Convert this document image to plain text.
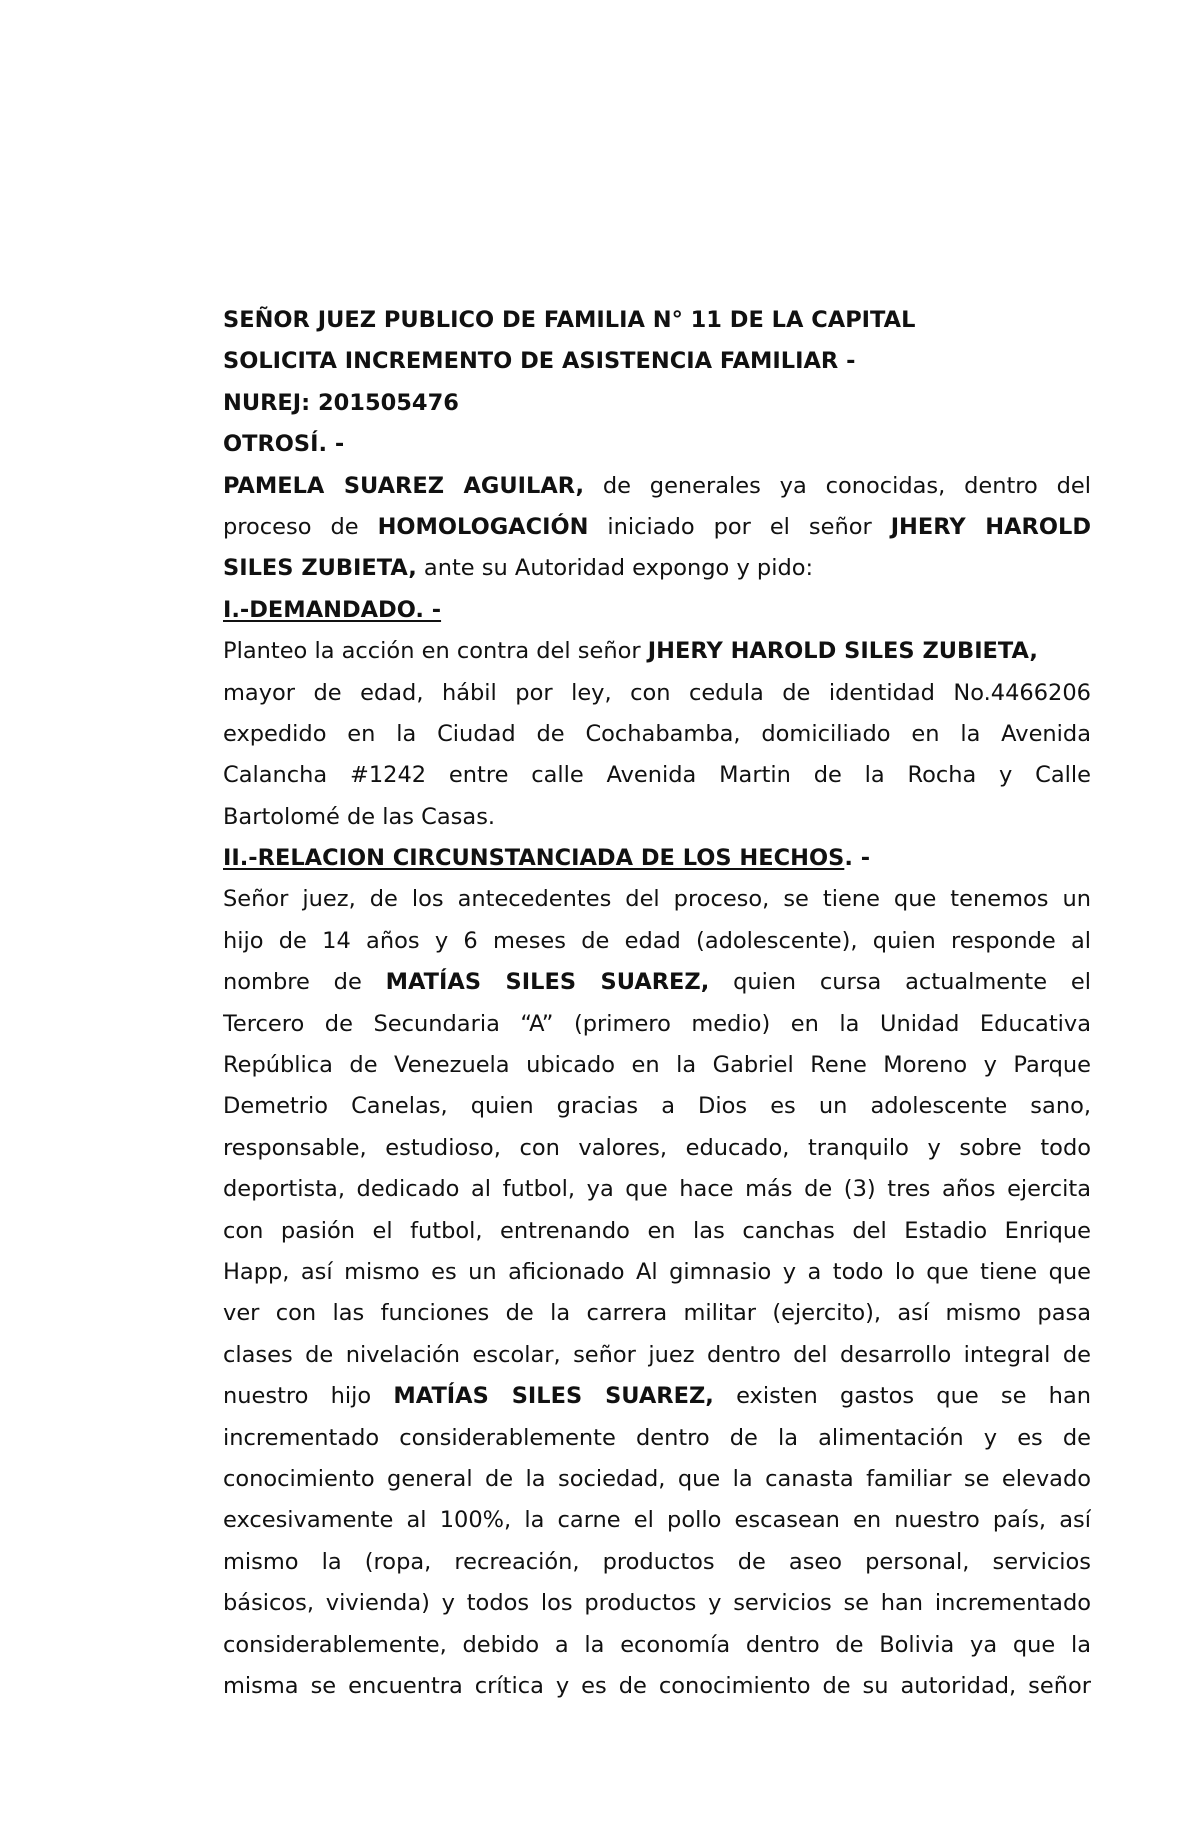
SEÑOR JUEZ PUBLICO DE FAMILIA N° 11 DE LA CAPITAL
SOLICITA INCREMENTO DE ASISTENCIA FAMILIAR -
NUREJ: 201505476
OTROSÍ. -
PAMELA SUAREZ AGUILAR, de generales ya conocidas, dentro del
proceso de HOMOLOGACIÓN iniciado por el señor JHERY HAROLD
SILES ZUBIETA, ante su Autoridad expongo y pido:
I.-DEMANDADO. -
Planteo la acción en contra del señor JHERY HAROLD SILES ZUBIETA,
mayor de edad, hábil por ley, con cedula de identidad No.4466206
expedido en la Ciudad de Cochabamba, domiciliado en la Avenida
Calancha #1242 entre calle Avenida Martin de la Rocha y Calle
Bartolomé de las Casas.
II.-RELACION CIRCUNSTANCIADA DE LOS HECHOS. -
Señor juez, de los antecedentes del proceso, se tiene que tenemos un
hijo de 14 años y 6 meses de edad (adolescente), quien responde al
nombre de MATÍAS SILES SUAREZ, quien cursa actualmente el
Tercero de Secundaria “A” (primero medio) en la Unidad Educativa
República de Venezuela ubicado en la Gabriel Rene Moreno y Parque
Demetrio Canelas, quien gracias a Dios es un adolescente sano,
responsable, estudioso, con valores, educado, tranquilo y sobre todo
deportista, dedicado al futbol, ya que hace más de (3) tres años ejercita
con pasión el futbol, entrenando en las canchas del Estadio Enrique
Happ, así mismo es un aficionado Al gimnasio y a todo lo que tiene que
ver con las funciones de la carrera militar (ejercito), así mismo pasa
clases de nivelación escolar, señor juez dentro del desarrollo integral de
nuestro hijo MATÍAS SILES SUAREZ, existen gastos que se han
incrementado considerablemente dentro de la alimentación y es de
conocimiento general de la sociedad, que la canasta familiar se elevado
excesivamente al 100%, la carne el pollo escasean en nuestro país, así
mismo la (ropa, recreación, productos de aseo personal, servicios
básicos, vivienda) y todos los productos y servicios se han incrementado
considerablemente, debido a la economía dentro de Bolivia ya que la
misma se encuentra crítica y es de conocimiento de su autoridad, señor
